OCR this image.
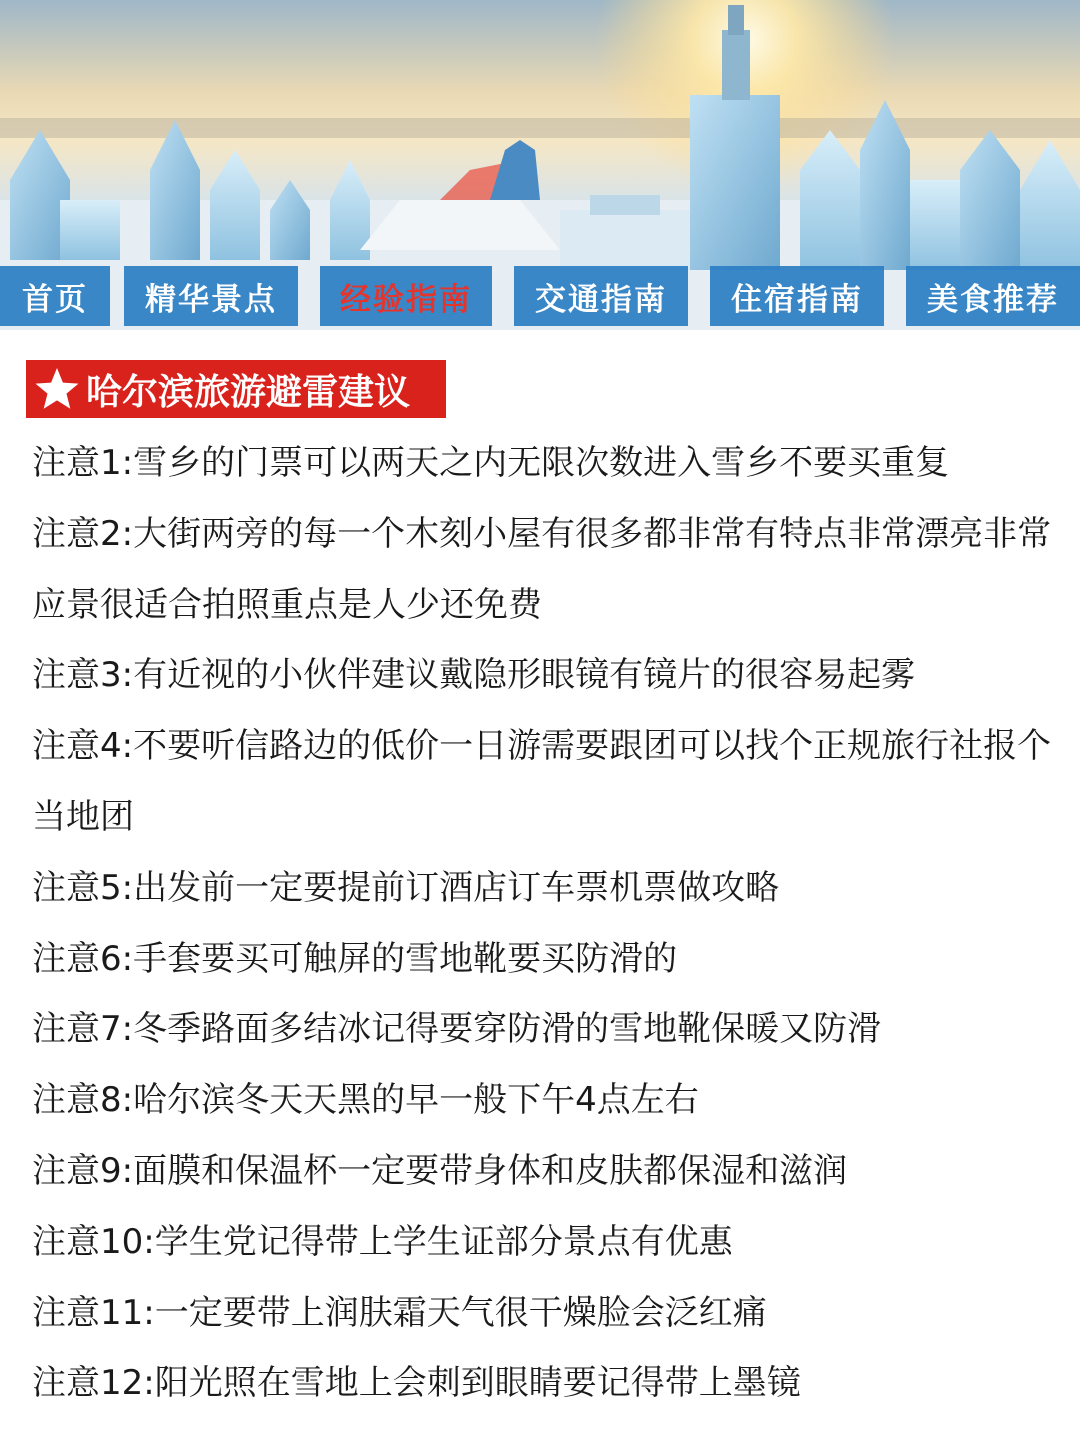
首页	精华景点	经验指南	交通指南	住宿指南	美食推荐
哈尔滨旅游避雷建议

注意1:雪乡的门票可以两天之内无限次数进入雪乡不要买重复

注意2:大街两旁的每一个木刻小屋有很多都非常有特点非常漂亮非常应景很适合拍照重点是人少还免费

注意3:有近视的小伙伴建议戴隐形眼镜有镜片的很容易起雾

注意4:不要听信路边的低价一日游需要跟团可以找个正规旅行社报个当地团

注意5:出发前一定要提前订酒店订车票机票做攻略

注意6:手套要买可触屏的雪地靴要买防滑的

注意7:冬季路面多结冰记得要穿防滑的雪地靴保暖又防滑

注意8:哈尔滨冬天天黑的早一般下午4点左右

注意9:面膜和保温杯一定要带身体和皮肤都保湿和滋润

注意10:学生党记得带上学生证部分景点有优惠

注意11:一定要带上润肤霜天气很干燥脸会泛红痛

注意12:阳光照在雪地上会刺到眼睛要记得带上墨镜
